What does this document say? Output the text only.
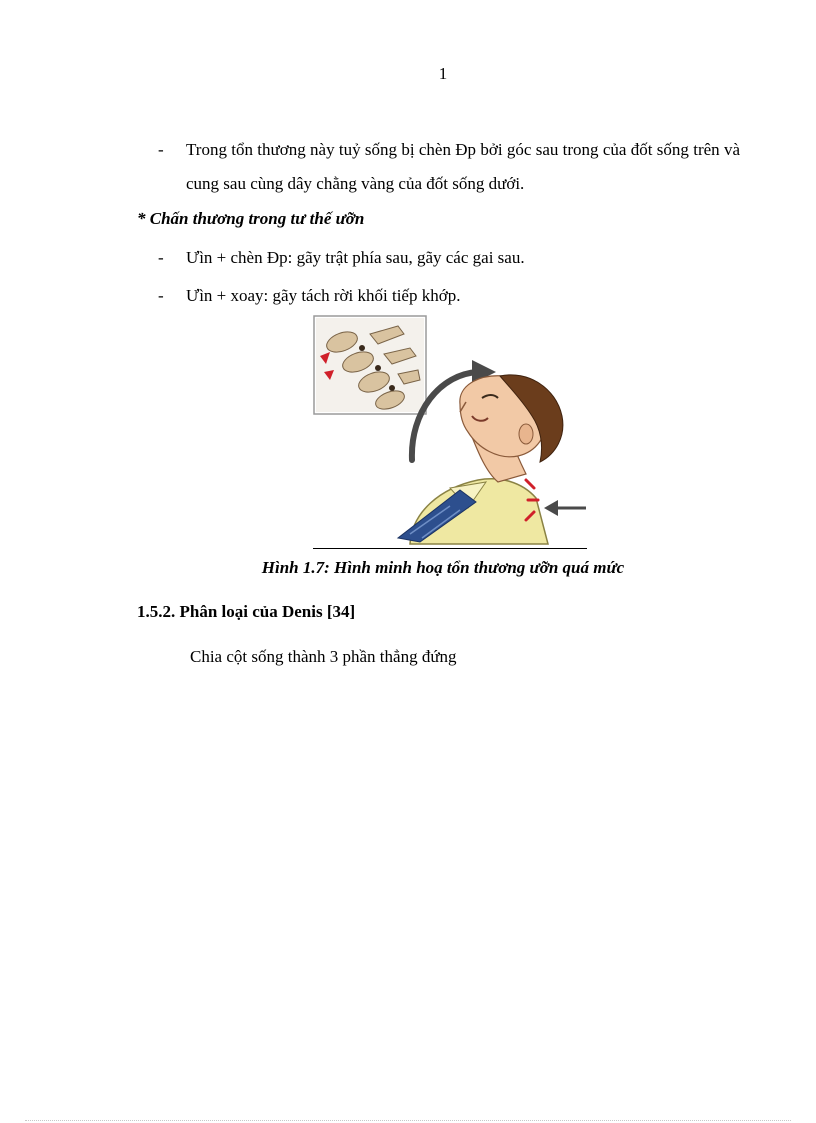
1
-	Trong tổn thương này tuỷ sống bị chèn Ðp bởi góc sau trong của đốt sống trên và cung sau cùng dây chằng vàng của đốt sống dưới.
* Chấn thương trong tư thế ưỡn
-	Ưìn + chèn Ðp: gãy trật phía sau, gãy các gai sau.
-	Ưìn + xoay: gãy tách rời khối tiếp khớp.
Hình 1.7: Hình minh hoạ tổn thương ưỡn quá mức
1.5.2. Phân loại của Denis [34]
Chia cột sống thành 3 phần thẳng đứng
